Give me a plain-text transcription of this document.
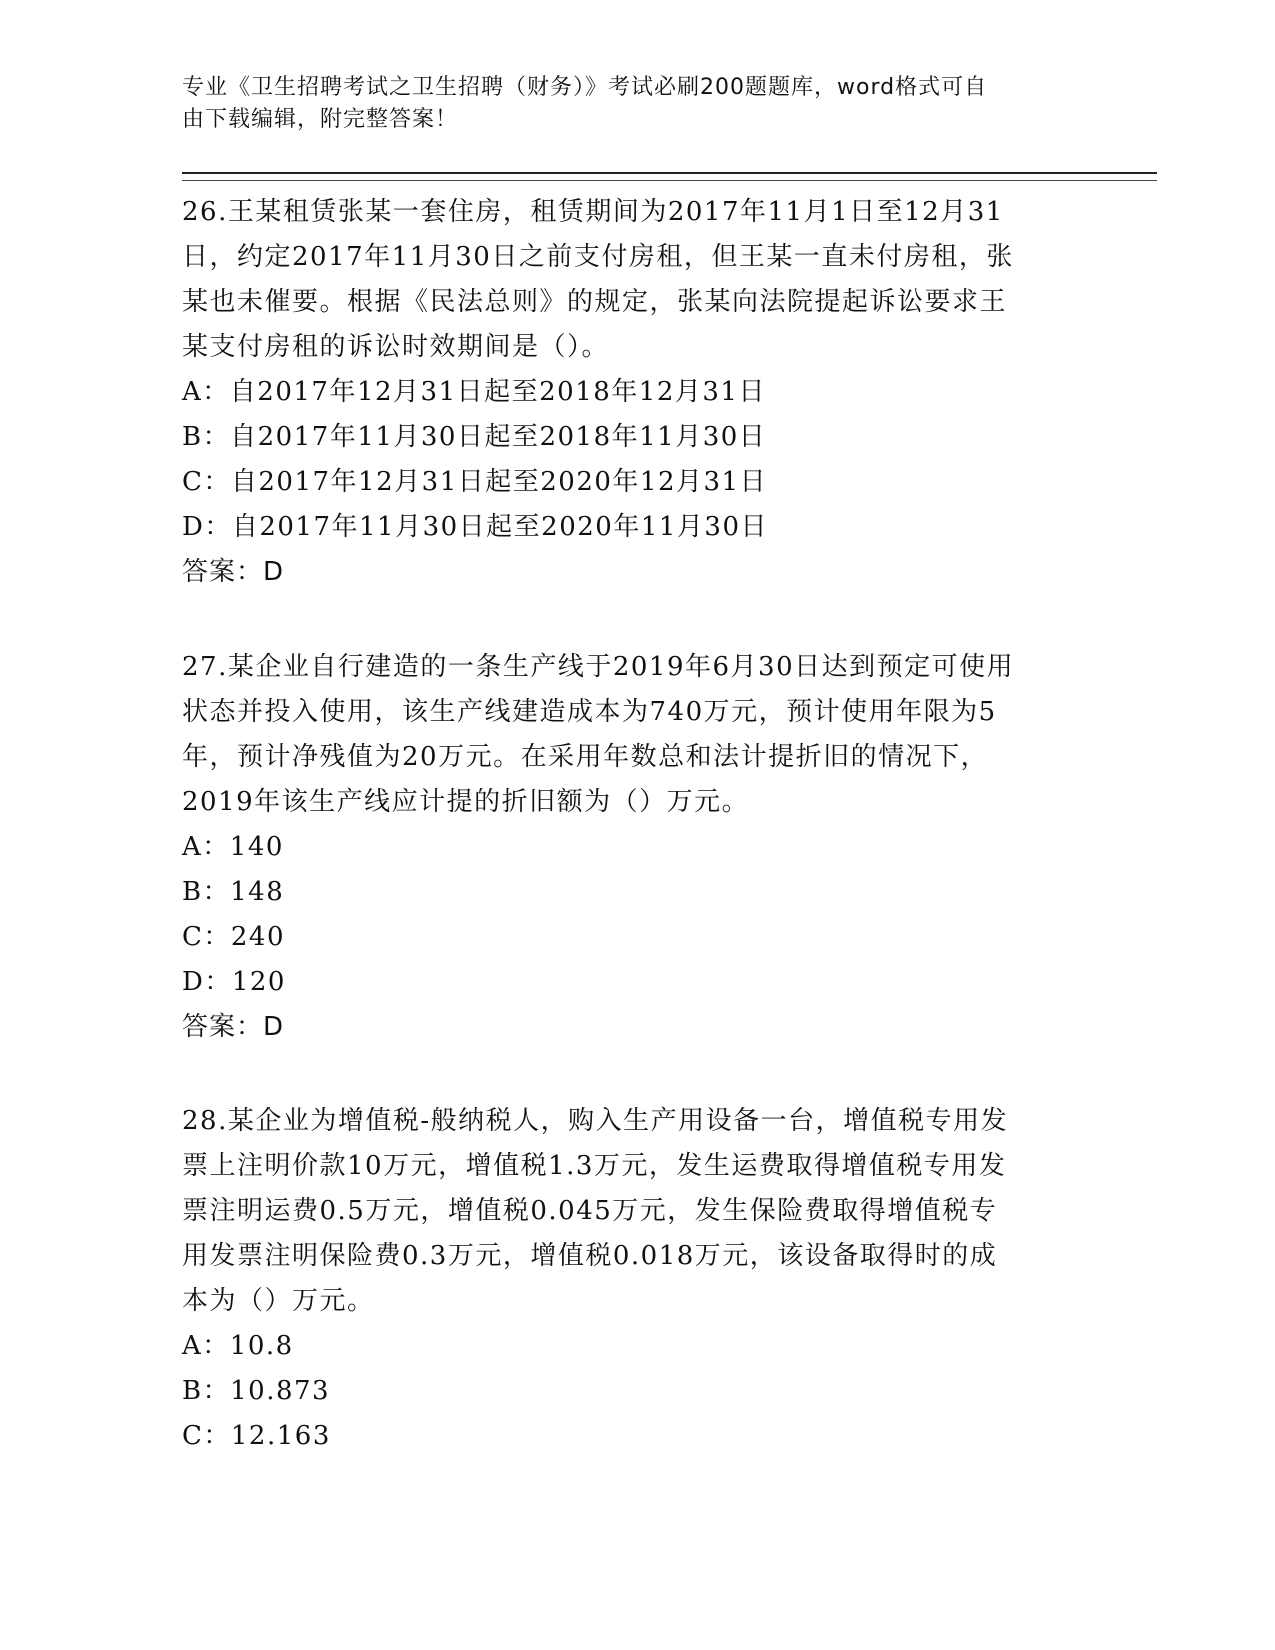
专业《卫生招聘考试之卫生招聘（财务）》考试必刷200题题库，word格式可自
由下载编辑，附完整答案！
26.王某租赁张某一套住房，租赁期间为2017年11月1日至12月31
日，约定2017年11月30日之前支付房租，但王某一直未付房租，张
某也未催要。根据《民法总则》的规定，张某向法院提起诉讼要求王
某支付房租的诉讼时效期间是（）。
A：自2017年12月31日起至2018年12月31日
B：自2017年11月30日起至2018年11月30日
C：自2017年12月31日起至2020年12月31日
D：自2017年11月30日起至2020年11月30日
答案：D
27.某企业自行建造的一条生产线于2019年6月30日达到预定可使用
状态并投入使用，该生产线建造成本为740万元，预计使用年限为5
年，预计净残值为20万元。在采用年数总和法计提折旧的情况下，
2019年该生产线应计提的折旧额为（）万元。
A：140
B：148
C：240
D：120
答案：D
28.某企业为增值税-般纳税人，购入生产用设备一台，增值税专用发
票上注明价款10万元，增值税1.3万元，发生运费取得增值税专用发
票注明运费0.5万元，增值税0.045万元，发生保险费取得增值税专
用发票注明保险费0.3万元，增值税0.018万元，该设备取得时的成
本为（）万元。
A：10.8
B：10.873
C：12.163
